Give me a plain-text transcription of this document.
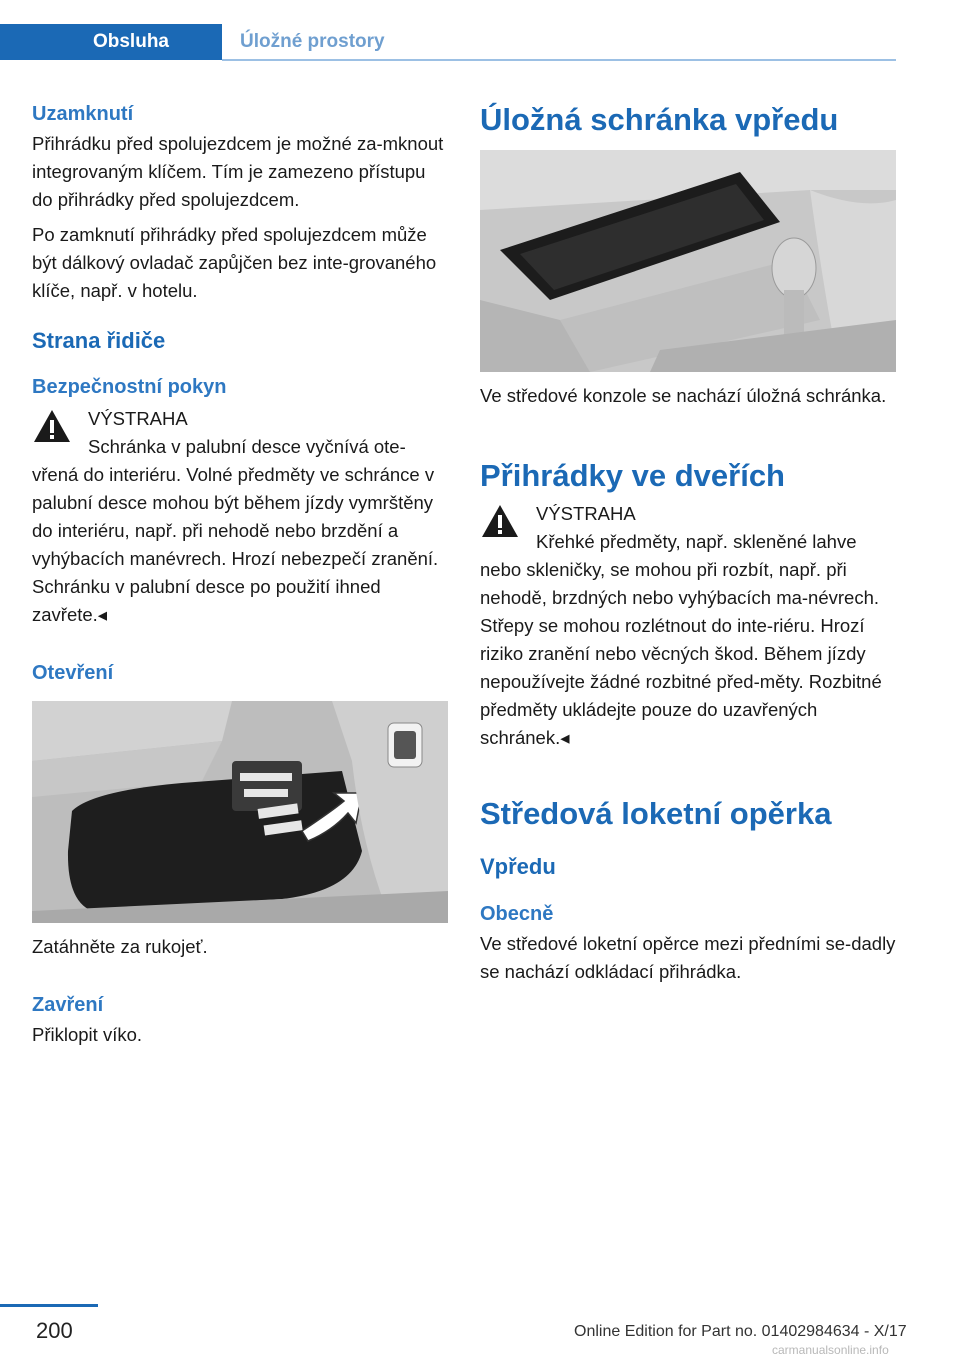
Obsluha	Úložné prostory
Uzamknutí

Přihrádku před spolujezdcem je možné za-mknout integrovaným klíčem. Tím je zamezeno přístupu do přihrádky před spolujezdcem.

Po zamknutí přihrádky před spolujezdcem může být dálkový ovladač zapůjčen bez inte-grovaného klíče, např. v hotelu.

Strana řidiče
Bezpečnostní pokyn
VÝSTRAHA

Schránka v palubní desce vyčnívá ote-vřená do interiéru. Volné předměty ve schránce v palubní desce mohou být během jízdy vymrštěny do interiéru, např. při nehodě nebo brzdění a vyhýbacích manévrech. Hrozí nebezpečí zranění. Schránku v palubní desce po použití ihned zavřete.◂

Otevření

Zatáhněte za rukojeť.

Zavření

Přiklopit víko.

Úložná schránka vpředu

Ve středové konzole se nachází úložná schránka.

Přihrádky ve dveřích
VÝSTRAHA

Křehké předměty, např. skleněné lahve nebo skleničky, se mohou při rozbít, např. při nehodě, brzdných nebo vyhýbacích ma-névrech. Střepy se mohou rozlétnout do inte-riéru. Hrozí riziko zranění nebo věcných škod. Během jízdy nepoužívejte žádné rozbitné před-měty. Rozbitné předměty ukládejte pouze do uzavřených schránek.◂

Středová loketní opěrka
Vpředu
Obecně

Ve středové loketní opěrce mezi předními se-dadly se nachází odkládací přihrádka.

200	Online Edition for Part no. 01402984634 - X/17
carmanualsonline.info
